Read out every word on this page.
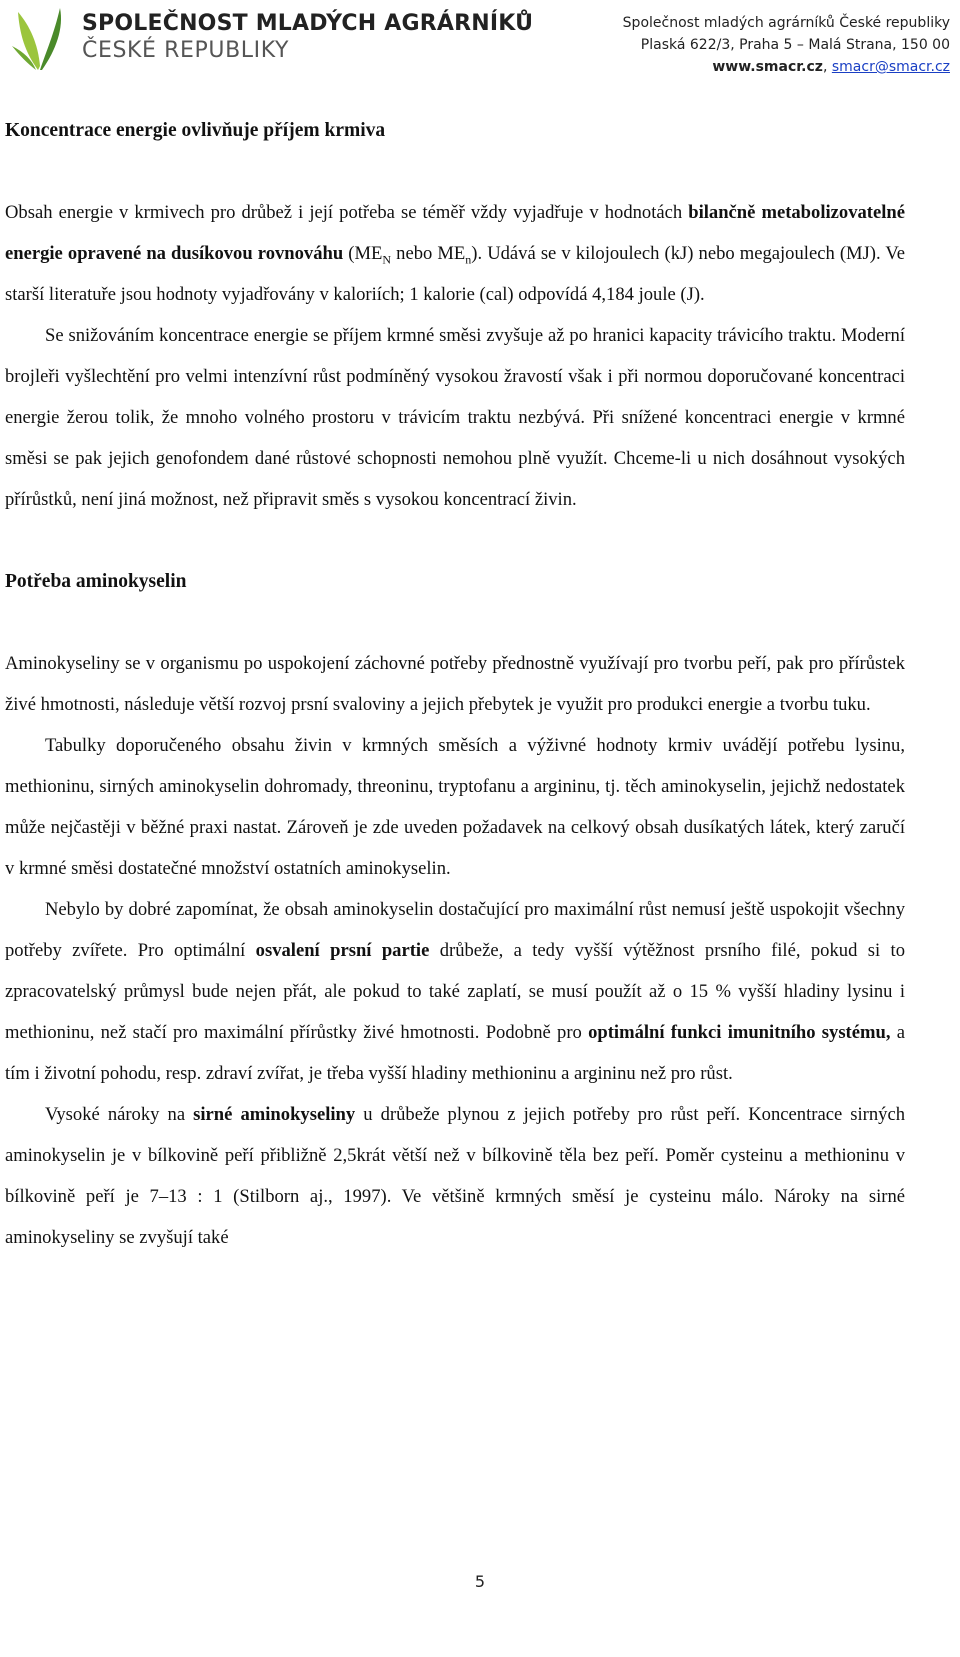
SPOLEČNOST MLADÝCH AGRÁRNÍKŮ
ČESKÉ REPUBLIKY
Společnost mladých agrárníků České republiky
Plaská 622/3, Praha 5 – Malá Strana, 150 00
www.smacr.cz, smacr@smacr.cz
Koncentrace energie ovlivňuje příjem krmiva

Obsah energie v krmivech pro drůbež i její potřeba se téměř vždy vyjadřuje v hodnotách bilančně metabolizovatelné energie opravené na dusíkovou rovnováhu ($ME_N$ nebo $ME_n$). Udává se v kilojoulech (kJ) nebo megajoulech (MJ). Ve starší literatuře jsou hodnoty vyjadřovány v kaloriích; 1 kalorie (cal) odpovídá 4,184 joule (J).

Se snižováním koncentrace energie se příjem krmné směsi zvyšuje až po hranici kapacity trávicího traktu. Moderní brojleři vyšlechtění pro velmi intenzívní růst podmíněný vysokou žravostí však i při normou doporučované koncentraci energie žerou tolik, že mnoho volného prostoru v trávicím traktu nezbývá. Při snížené koncentraci energie v krmné směsi se pak jejich genofondem dané růstové schopnosti nemohou plně využít. Chceme-li u nich dosáhnout vysokých přírůstků, není jiná možnost, než připravit směs s vysokou koncentrací živin.

Potřeba aminokyselin

Aminokyseliny se v organismu po uspokojení záchovné potřeby přednostně využívají pro tvorbu peří, pak pro přírůstek živé hmotnosti, následuje větší rozvoj prsní svaloviny a jejich přebytek je využit pro produkci energie a tvorbu tuku.

Tabulky doporučeného obsahu živin v krmných směsích a výživné hodnoty krmiv uvádějí potřebu lysinu, methioninu, sirných aminokyselin dohromady, threoninu, tryptofanu a argininu, tj. těch aminokyselin, jejichž nedostatek může nejčastěji v běžné praxi nastat. Zároveň je zde uveden požadavek na celkový obsah dusíkatých látek, který zaručí v krmné směsi dostatečné množství ostatních aminokyselin.

Nebylo by dobré zapomínat, že obsah aminokyselin dostačující pro maximální růst nemusí ještě uspokojit všechny potřeby zvířete. Pro optimální osvalení prsní partie drůbeže, a tedy vyšší výtěžnost prsního filé, pokud si to zpracovatelský průmysl bude nejen přát, ale pokud to také zaplatí, se musí použít až o 15 % vyšší hladiny lysinu i methioninu, než stačí pro maximální přírůstky živé hmotnosti. Podobně pro optimální funkci imunitního systému, a tím i životní pohodu, resp. zdraví zvířat, je třeba vyšší hladiny methioninu a argininu než pro růst.

Vysoké nároky na sirné aminokyseliny u drůbeže plynou z jejich potřeby pro růst peří. Koncentrace sirných aminokyselin je v bílkovině peří přibližně 2,5krát větší než v bílkovině těla bez peří. Poměr cysteinu a methioninu v bílkovině peří je 7–13 : 1 (Stilborn aj., 1997). Ve většině krmných směsí je cysteinu málo. Nároky na sirné aminokyseliny se zvyšují také

5
